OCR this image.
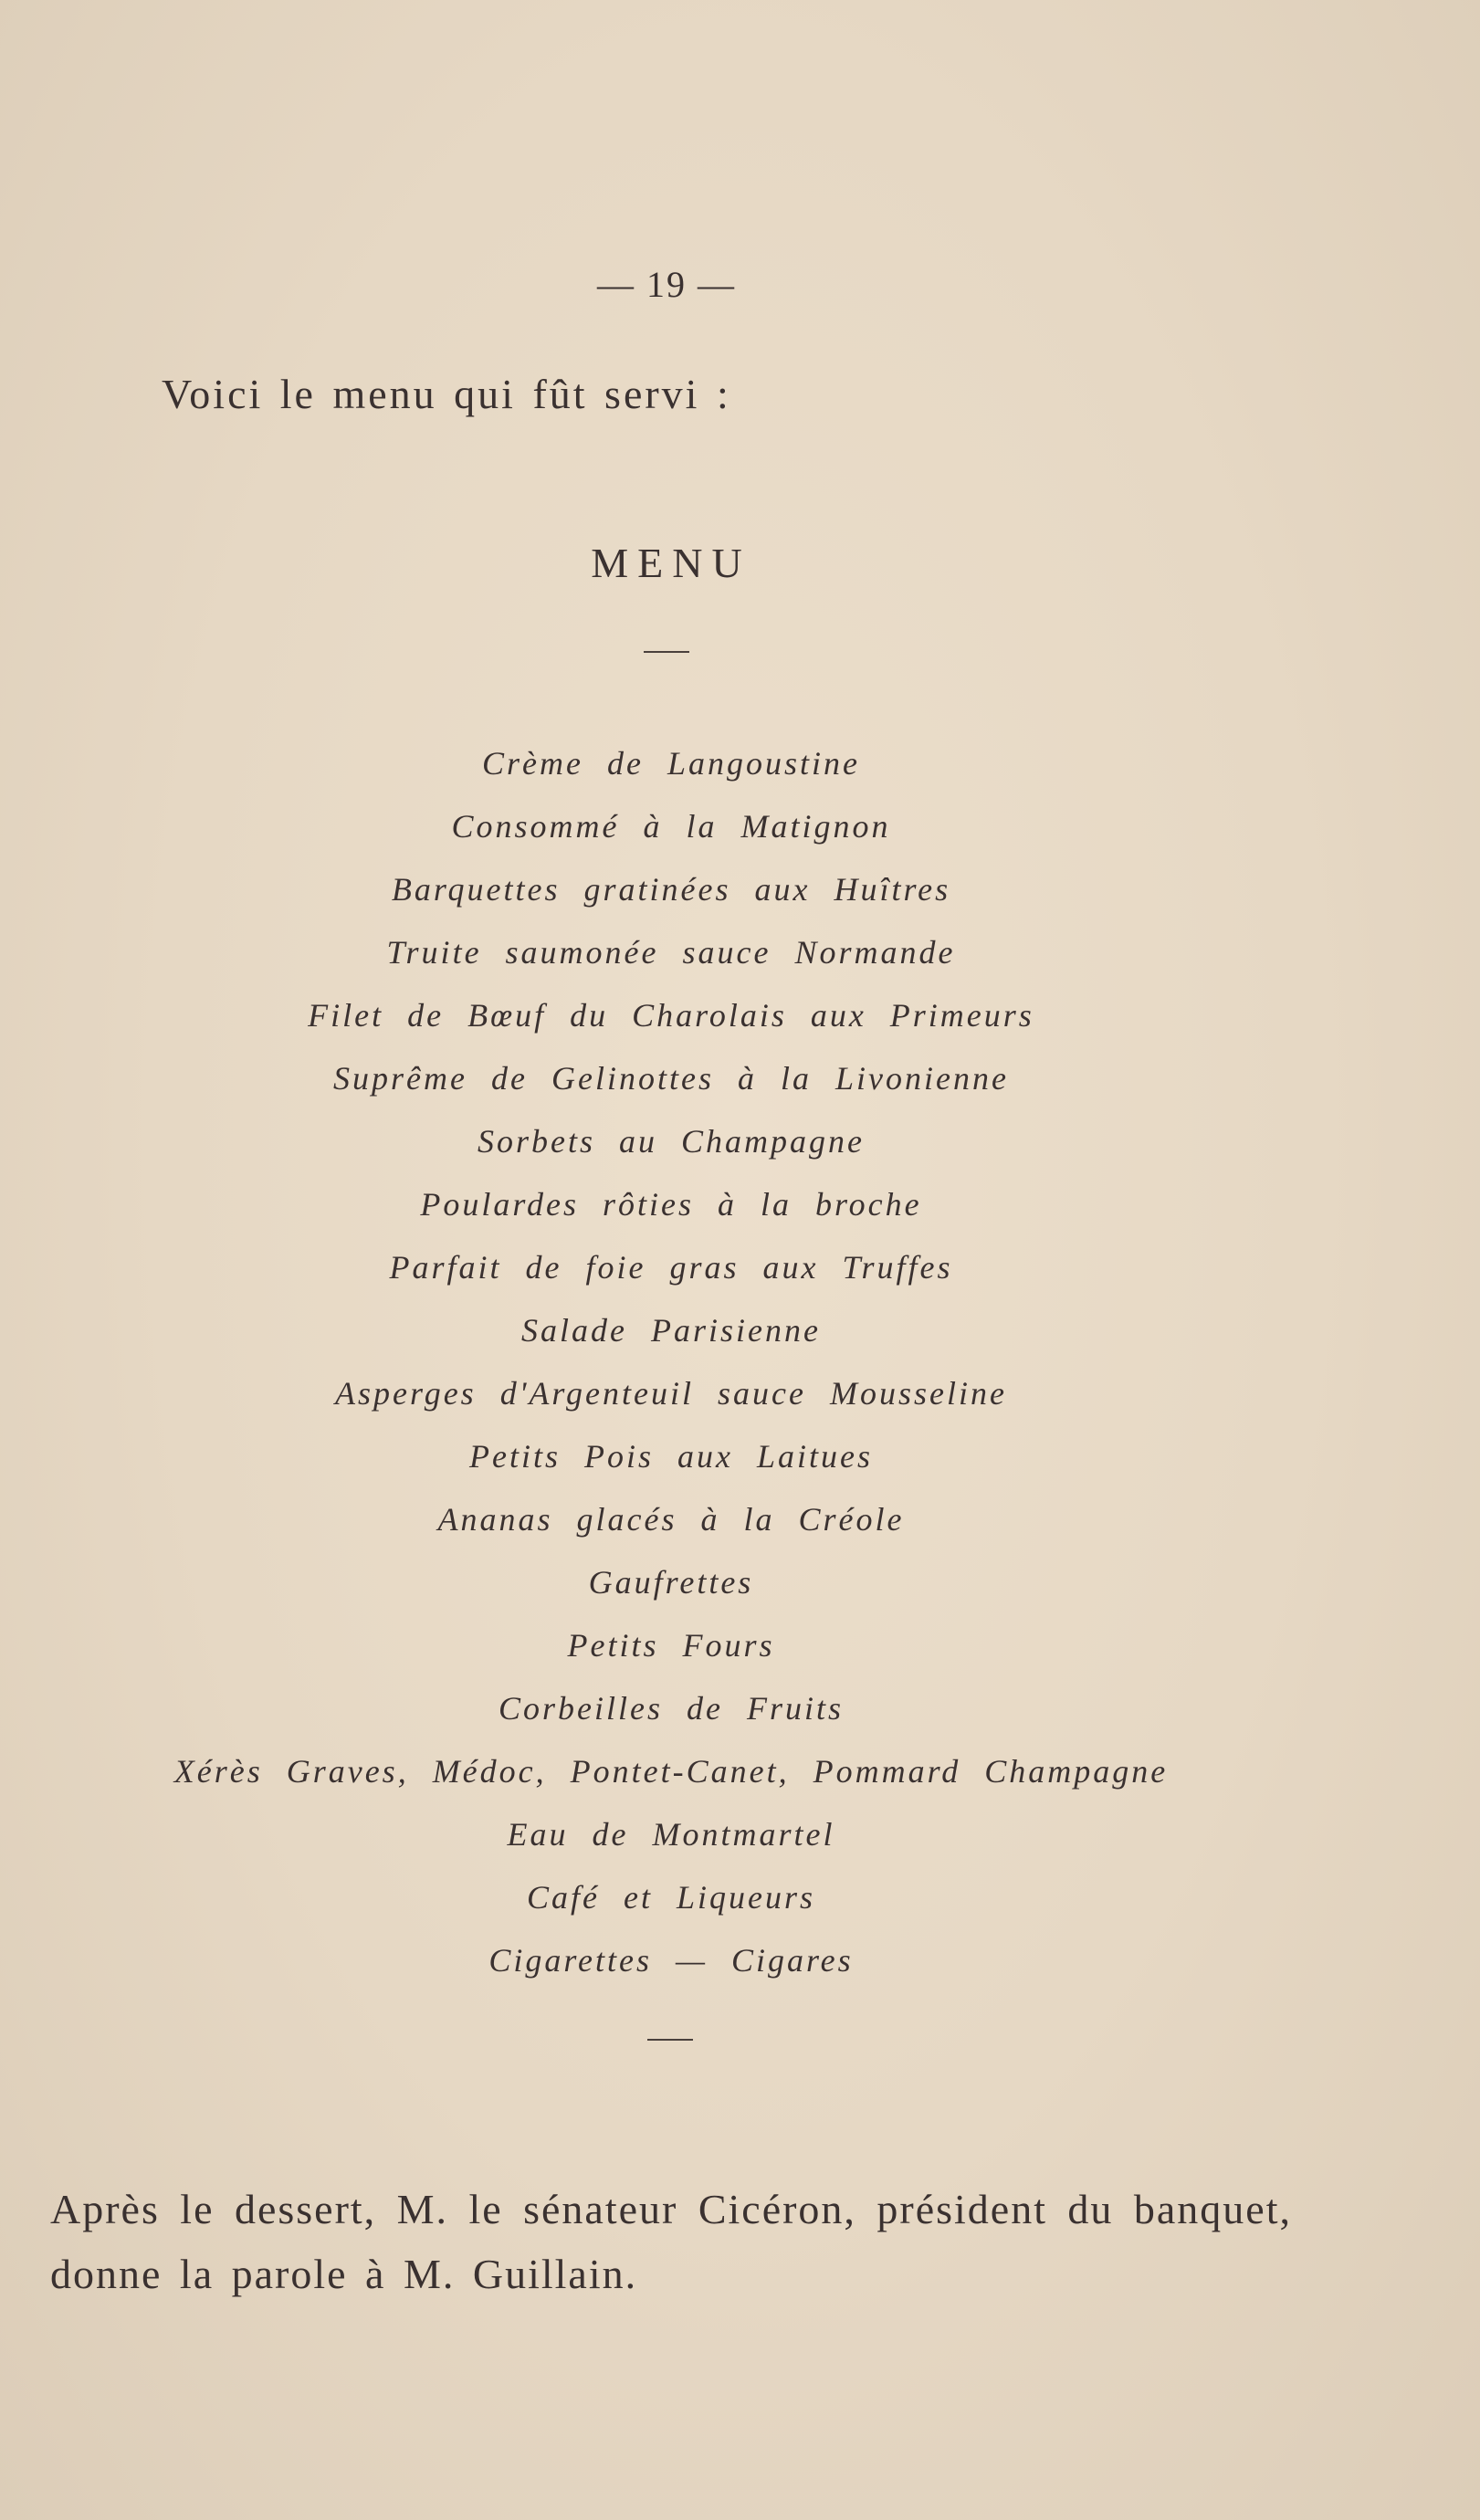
— 19 —
Voici le menu qui fût servi :
MENU
Crème de Langoustine
Consommé à la Matignon
Barquettes gratinées aux Huîtres
Truite saumonée sauce Normande
Filet de Bœuf du Charolais aux Primeurs
Suprême de Gelinottes à la Livonienne
Sorbets au Champagne
Poulardes rôties à la broche
Parfait de foie gras aux Truffes
Salade Parisienne
Asperges d'Argenteuil sauce Mousseline
Petits Pois aux Laitues
Ananas glacés à la Créole
Gaufrettes
Petits Fours
Corbeilles de Fruits
Xérès Graves, Médoc, Pontet-Canet, Pommard Champagne
Eau de Montmartel
Café et Liqueurs
Cigarettes — Cigares

Après le dessert, M. le sénateur Cicéron, président du banquet, donne la parole à M. Guillain.
